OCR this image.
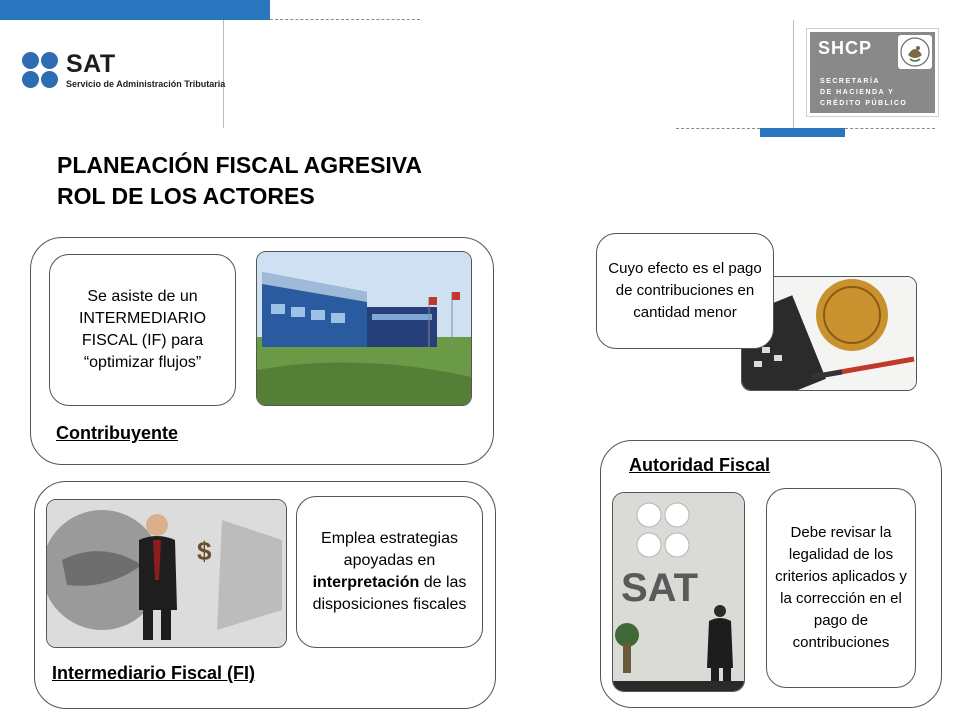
SAT
Servicio de Administración Tributaria
SHCP
SECRETARÍA
DE HACIENDA Y
CRÉDITO PÚBLICO
PLANEACIÓN FISCAL AGRESIVA
ROL DE LOS ACTORES
Se asiste de un INTERMEDIARIO FISCAL (IF) para “optimizar flujos”
Contribuyente
Cuyo efecto es el pago de contribuciones en cantidad menor
$	Emplea estrategias apoyadas en interpretación de las disposiciones fiscales
Intermediario Fiscal (FI)
Autoridad Fiscal
SAT
Debe revisar la legalidad de los criterios aplicados y la corrección en el pago de contribuciones
